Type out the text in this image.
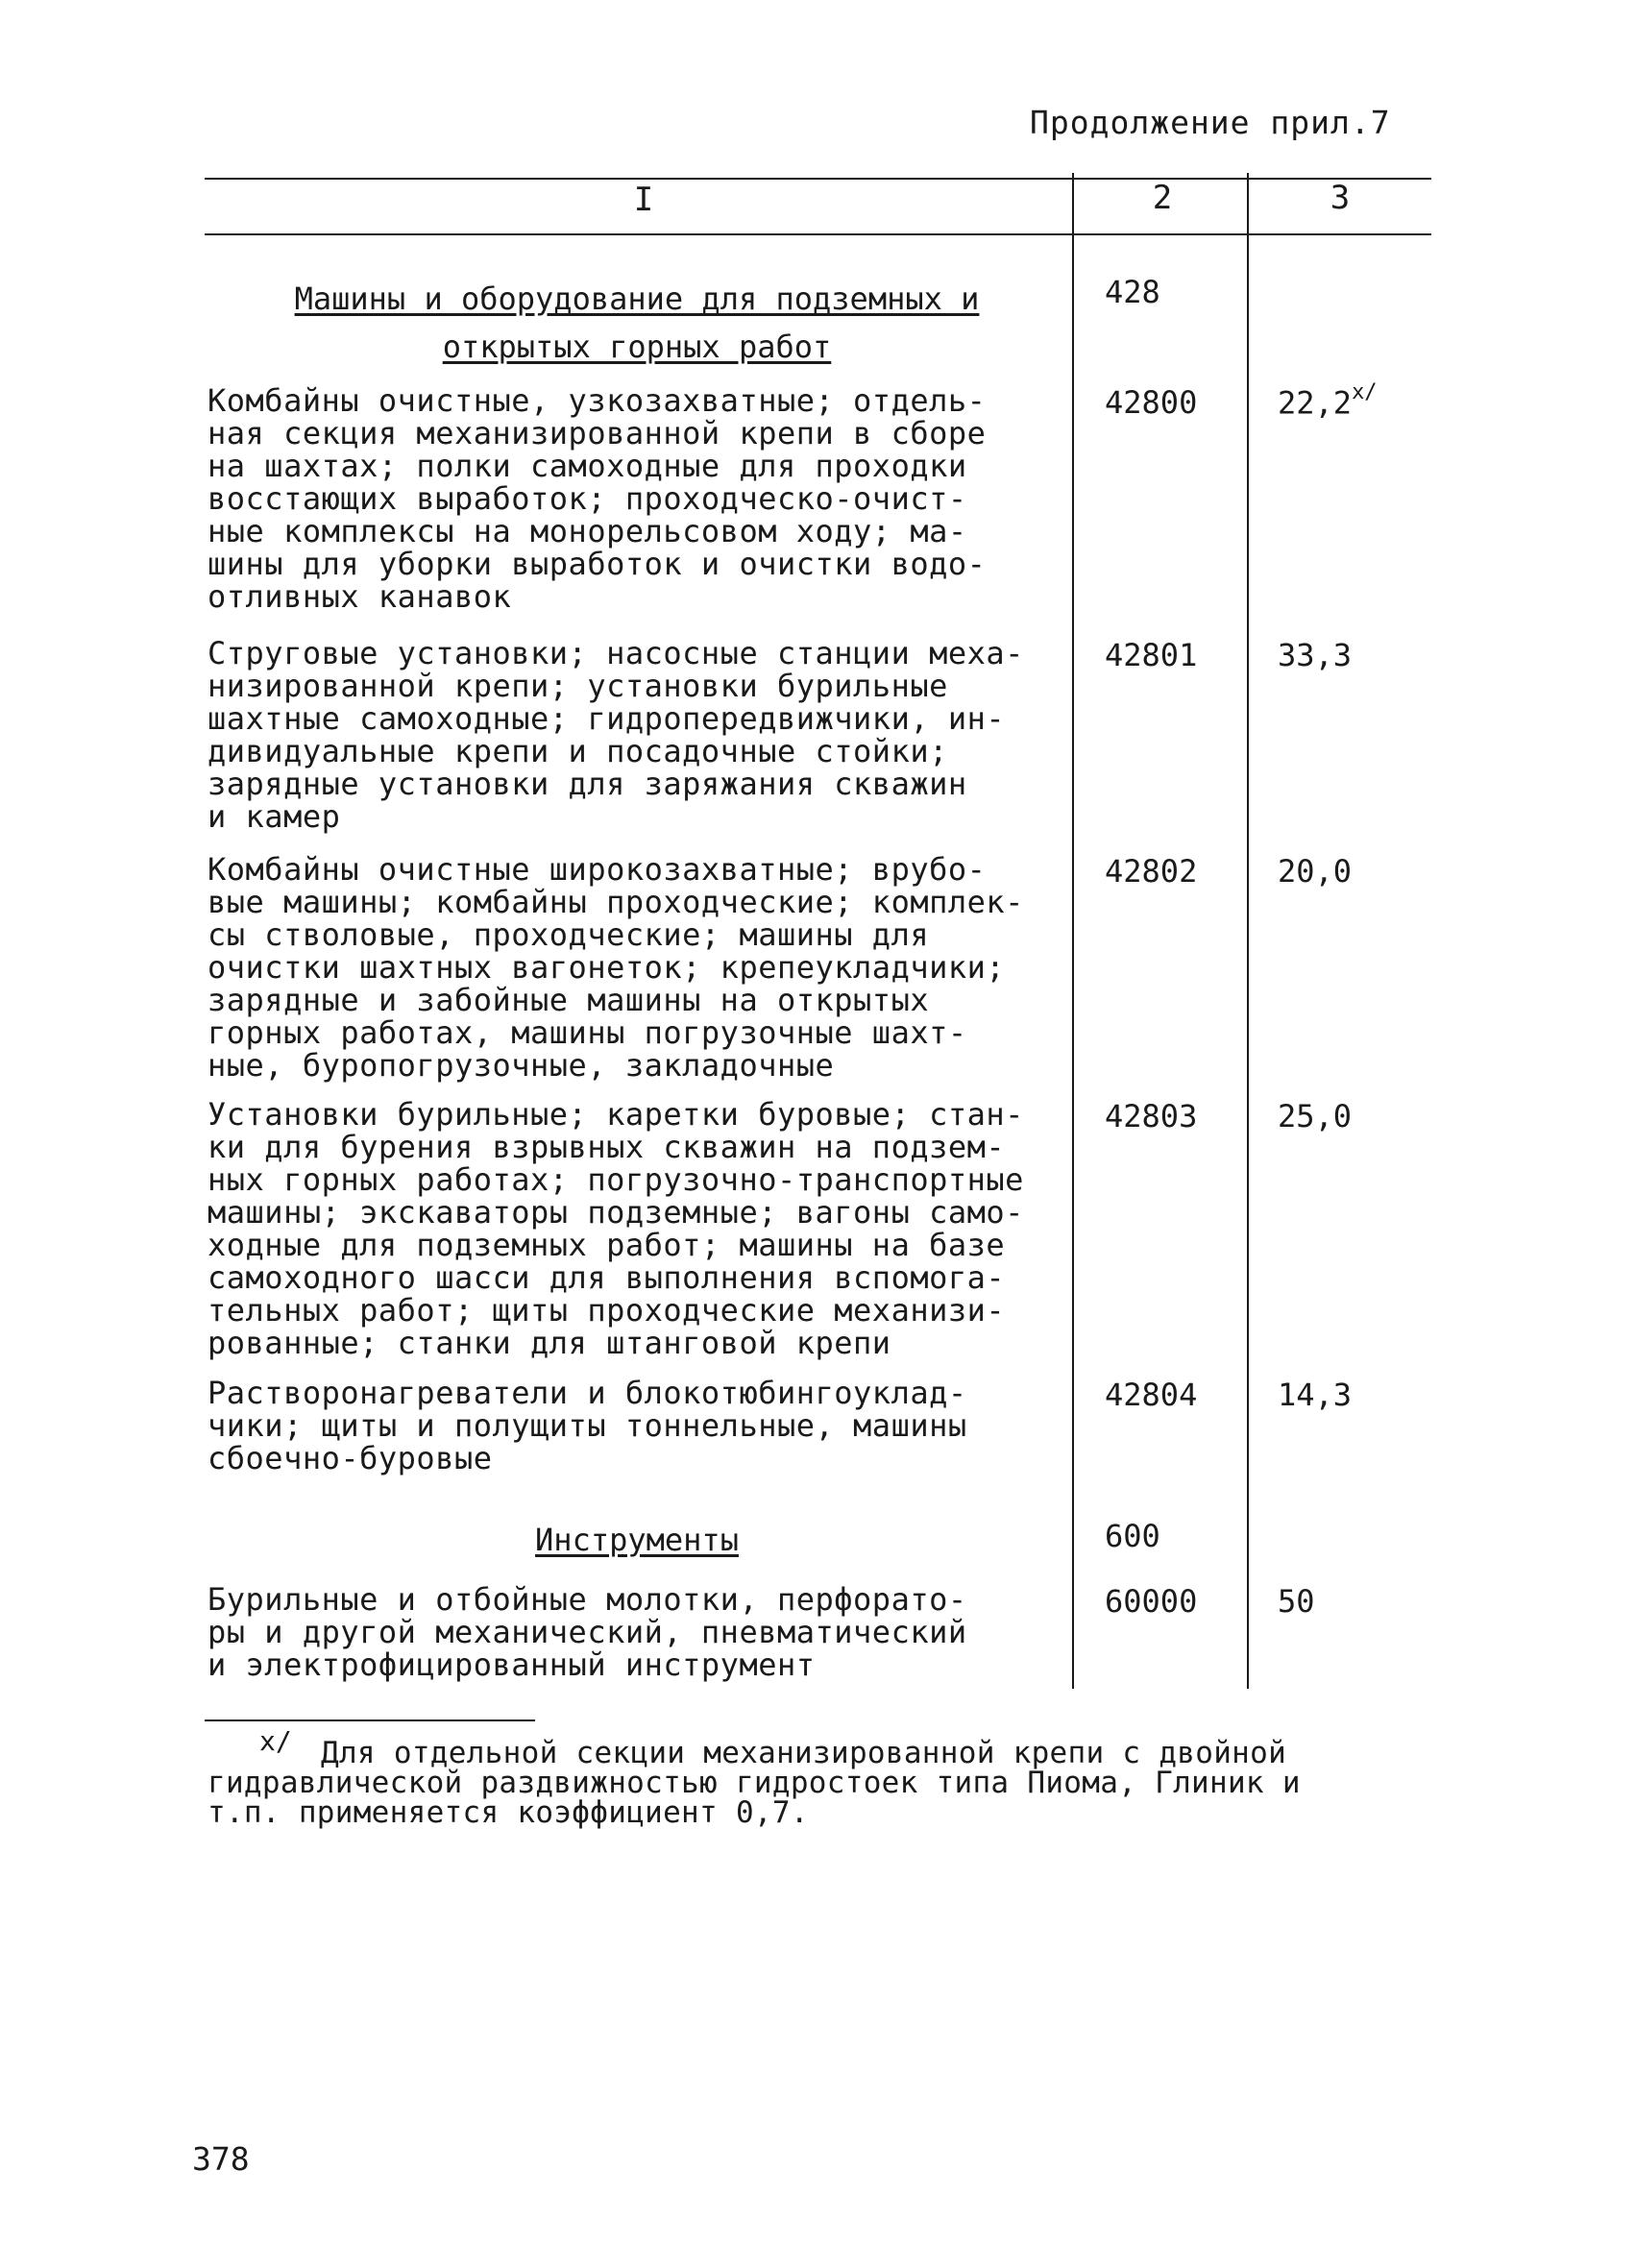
Продолжение прил.7
I	2	3
Машины и оборудование для подземных и
открытых горных работ
428
Комбайны очистные, узкозахватные; отдель-
ная секция механизированной крепи в сборе
на шахтах; полки самоходные для проходки
восстающих выработок; проходческо-очист-
ные комплексы на монорельсовом ходу; ма-
шины для уборки выработок и очистки водо-
отливных канавок
42800	$22,2^{x/}$
Струговые установки; насосные станции меха-
низированной крепи; установки бурильные
шахтные самоходные; гидропередвижчики, ин-
дивидуальные крепи и посадочные стойки;
зарядные установки для заряжания скважин
и камер
42801	33,3
Комбайны очистные широкозахватные; врубо-
вые машины; комбайны проходческие; комплек-
сы стволовые, проходческие; машины для
очистки шахтных вагонеток; крепеукладчики;
зарядные и забойные машины на открытых
горных работах, машины погрузочные шахт-
ные, буропогрузочные, закладочные
42802	20,0
Установки бурильные; каретки буровые; стан-
ки для бурения взрывных скважин на подзем-
ных горных работах; погрузочно-транспортные
машины; экскаваторы подземные; вагоны само-
ходные для подземных работ; машины на базе
самоходного шасси для выполнения вспомога-
тельных работ; щиты проходческие механизи-
рованные; станки для штанговой крепи
42803	25,0
Растворонагреватели и блокотюбингоуклад-
чики; щиты и полущиты тоннельные, машины
сбоечно-буровые
42804	14,3
Инструменты	600
Бурильные и отбойные молотки, перфорато-
ры и другой механический, пневматический
и электрофицированный инструмент
60000	50
x/ Для отдельной секции механизированной крепи с двойной
гидравлической раздвижностью гидростоек типа Пиома, Глиник и
т.п. применяется коэффициент 0,7.
378
